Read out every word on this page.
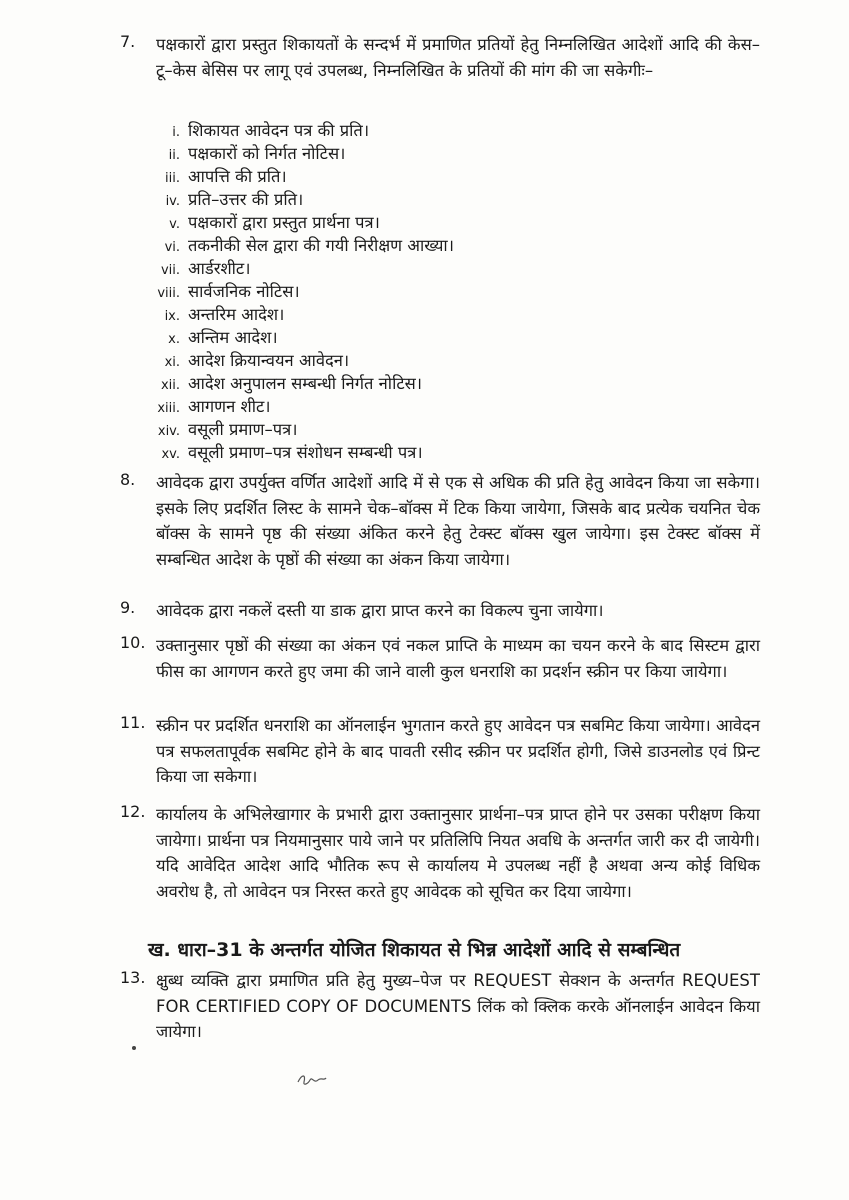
7. पक्षकारों द्वारा प्रस्तुत शिकायतों के सन्दर्भ में प्रमाणित प्रतियों हेतु निम्नलिखित आदेशों आदि की केस–टू–केस बेसिस पर लागू एवं उपलब्ध, निम्नलिखित के प्रतियों की मांग की जा सकेगीः–
i. शिकायत आवेदन पत्र की प्रति।
ii. पक्षकारों को निर्गत नोटिस।
iii. आपत्ति की प्रति।
iv. प्रति–उत्तर की प्रति।
v. पक्षकारों द्वारा प्रस्तुत प्रार्थना पत्र।
vi. तकनीकी सेल द्वारा की गयी निरीक्षण आख्या।
vii. आर्डरशीट।
viii. सार्वजनिक नोटिस।
ix. अन्तरिम आदेश।
x. अन्तिम आदेश।
xi. आदेश क्रियान्वयन आवेदन।
xii. आदेश अनुपालन सम्बन्धी निर्गत नोटिस।
xiii. आगणन शीट।
xiv. वसूली प्रमाण–पत्र।
xv. वसूली प्रमाण–पत्र संशोधन सम्बन्धी पत्र।
8. आवेदक द्वारा उपर्युक्त वर्णित आदेशों आदि में से एक से अधिक की प्रति हेतु आवेदन किया जा सकेगा। इसके लिए प्रदर्शित लिस्ट के सामने चेक–बॉक्स में टिक किया जायेगा, जिसके बाद प्रत्येक चयनित चेक बॉक्स के सामने पृष्ठ की संख्या अंकित करने हेतु टेक्स्ट बॉक्स खुल जायेगा। इस टेक्स्ट बॉक्स में सम्बन्धित आदेश के पृष्ठों की संख्या का अंकन किया जायेगा।
9. आवेदक द्वारा नकलें दस्ती या डाक द्वारा प्राप्त करने का विकल्प चुना जायेगा।
10. उक्तानुसार पृष्ठों की संख्या का अंकन एवं नकल प्राप्ति के माध्यम का चयन करने के बाद सिस्टम द्वारा फीस का आगणन करते हुए जमा की जाने वाली कुल धनराशि का प्रदर्शन स्क्रीन पर किया जायेगा।
11. स्क्रीन पर प्रदर्शित धनराशि का ऑनलाईन भुगतान करते हुए आवेदन पत्र सबमिट किया जायेगा। आवेदन पत्र सफलतापूर्वक सबमिट होने के बाद पावती रसीद स्क्रीन पर प्रदर्शित होगी, जिसे डाउनलोड एवं प्रिन्ट किया जा सकेगा।
12. कार्यालय के अभिलेखागार के प्रभारी द्वारा उक्तानुसार प्रार्थना–पत्र प्राप्त होने पर उसका परीक्षण किया जायेगा। प्रार्थना पत्र नियमानुसार पाये जाने पर प्रतिलिपि नियत अवधि के अन्तर्गत जारी कर दी जायेगी। यदि आवेदित आदेश आदि भौतिक रूप से कार्यालय मे उपलब्ध नहीं है अथवा अन्य कोई विधिक अवरोध है, तो आवेदन पत्र निरस्त करते हुए आवेदक को सूचित कर दिया जायेगा।
ख. धारा–31 के अन्तर्गत योजित शिकायत से भिन्न आदेशों आदि से सम्बन्धित
13. क्षुब्ध व्यक्ति द्वारा प्रमाणित प्रति हेतु मुख्य–पेज पर REQUEST सेक्शन के अन्तर्गत REQUEST FOR CERTIFIED COPY OF DOCUMENTS लिंक को क्लिक करके ऑनलाईन आवेदन किया जायेगा।
